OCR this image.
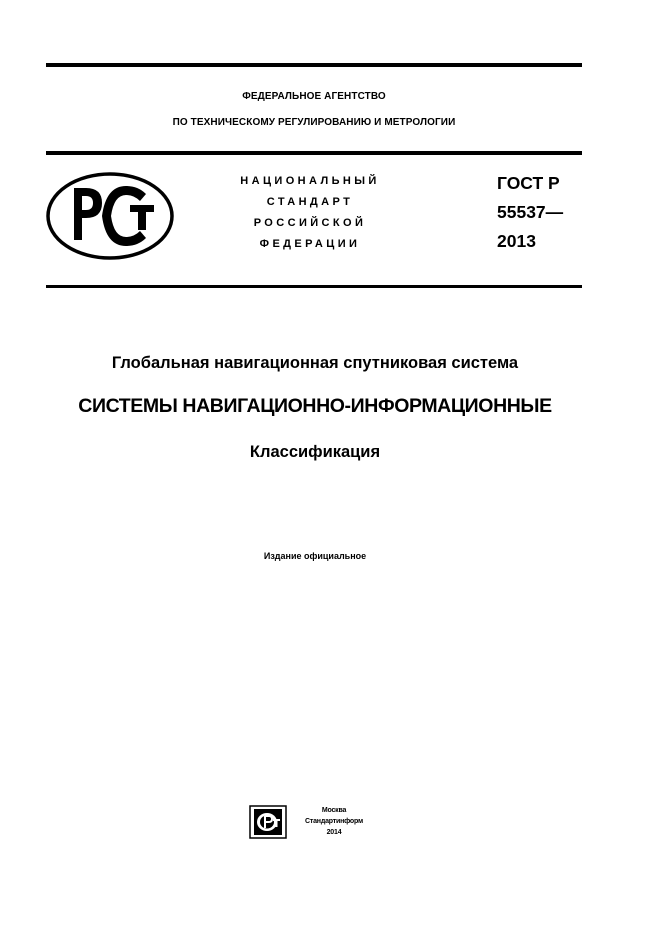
ФЕДЕРАЛЬНОЕ АГЕНТСТВО
ПО ТЕХНИЧЕСКОМУ РЕГУЛИРОВАНИЮ И МЕТРОЛОГИИ
НАЦИОНАЛЬНЫЙ
СТАНДАРТ
РОССИЙСКОЙ
ФЕДЕРАЦИИ
ГОСТ Р
55537—
2013
Глобальная навигационная спутниковая система
СИСТЕМЫ НАВИГАЦИОННО-ИНФОРМАЦИОННЫЕ
Классификация
Издание официальное
Москва
Стандартинформ
2014
